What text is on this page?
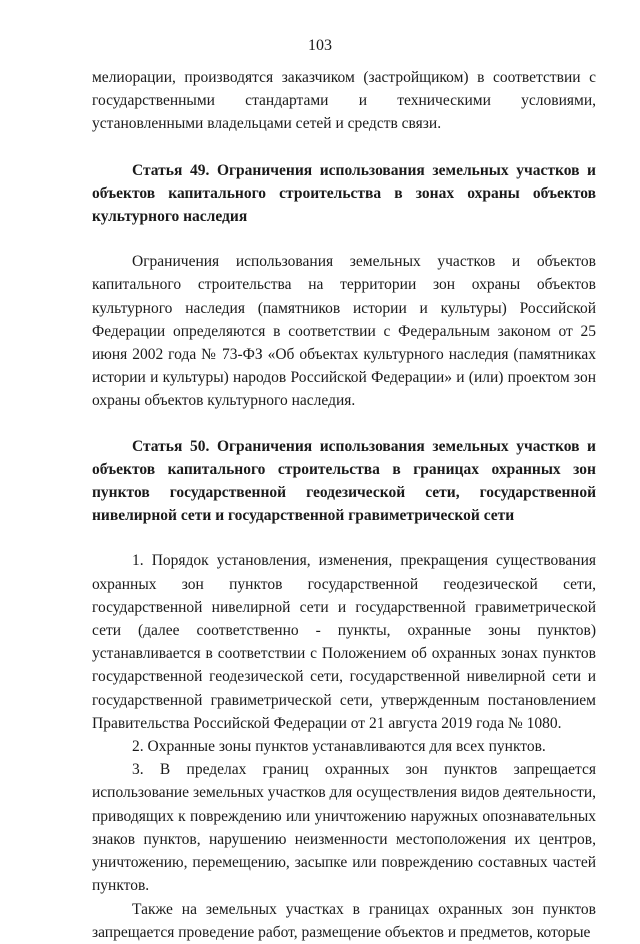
103

мелиорации, производятся заказчиком (застройщиком) в соответствии с государственными стандартами и техническими условиями, установленными владельцами сетей и средств связи.

Статья 49. Ограничения использования земельных участков и объектов капитального строительства в зонах охраны объектов культурного наследия

Ограничения использования земельных участков и объектов капитального строительства на территории зон охраны объектов культурного наследия (памятников истории и культуры) Российской Федерации определяются в соответствии с Федеральным законом от 25 июня 2002 года № 73-ФЗ «Об объектах культурного наследия (памятниках истории и культуры) народов Российской Федерации» и (или) проектом зон охраны объектов культурного наследия.

Статья 50. Ограничения использования земельных участков и объектов капитального строительства в границах охранных зон пунктов государственной геодезической сети, государственной нивелирной сети и государственной гравиметрической сети

1. Порядок установления, изменения, прекращения существования охранных зон пунктов государственной геодезической сети, государственной нивелирной сети и государственной гравиметрической сети (далее соответственно - пункты, охранные зоны пунктов) устанавливается в соответствии с Положением об охранных зонах пунктов государственной геодезической сети, государственной нивелирной сети и государственной гравиметрической сети, утвержденным постановлением Правительства Российской Федерации от 21 августа 2019 года № 1080.

2. Охранные зоны пунктов устанавливаются для всех пунктов.

3. В пределах границ охранных зон пунктов запрещается использование земельных участков для осуществления видов деятельности, приводящих к повреждению или уничтожению наружных опознавательных знаков пунктов, нарушению неизменности местоположения их центров, уничтожению, перемещению, засыпке или повреждению составных частей пунктов.

Также на земельных участках в границах охранных зон пунктов запрещается проведение работ, размещение объектов и предметов, которые
